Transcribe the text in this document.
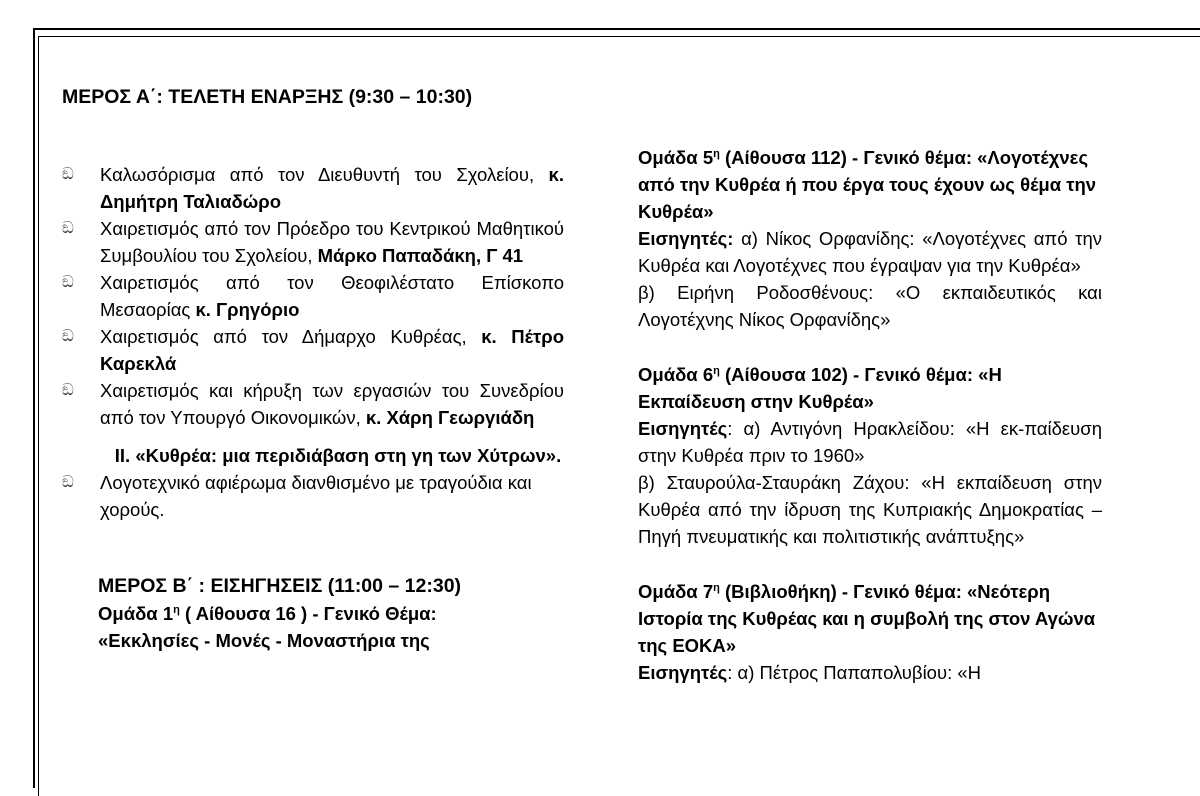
ΜΕΡΟΣ Α΄: ΤΕΛΕΤΗ ΕΝΑΡΞΗΣ (9:30 – 10:30)
ඞ Καλωσόρισμα από τον Διευθυντή του Σχολείου, κ. Δημήτρη Ταλιαδώρο
ඞ Χαιρετισμός από τον Πρόεδρο του Κεντρικού Μαθητικού Συμβουλίου του Σχολείου, Μάρκο Παπαδάκη, Γ 41
ඞ Χαιρετισμός από τον Θεοφιλέστατο Επίσκοπο Μεσαορίας κ. Γρηγόριο
ඞ Χαιρετισμός από τον Δήμαρχο Κυθρέας, κ. Πέτρο Καρεκλά
ඞ Χαιρετισμός και κήρυξη των εργασιών του Συνεδρίου από τον Υπουργό Οικονομικών, κ. Χάρη Γεωργιάδη
ΙΙ. «Κυθρέα: μια περιδιάβαση στη γη των Χύτρων».
ඞ Λογοτεχνικό αφιέρωμα διανθισμένο με τραγούδια και χορούς.
ΜΕΡΟΣ Β΄ : ΕΙΣΗΓΗΣΕΙΣ (11:00 – 12:30)
Ομάδα $1^\eta$ ( Αίθουσα 16 ) - Γενικό Θέμα:
«Εκκλησίες - Μονές - Μοναστήρια της
Ομάδα $5^\eta$ (Αίθουσα 112) - Γενικό θέμα: «Λογοτέχνες από την Κυθρέα ή που έργα τους έχουν ως θέμα την Κυθρέα»
Εισηγητές: α) Νίκος Ορφανίδης: «Λογοτέχνες από την Κυθρέα και Λογοτέχνες που έγραψαν για την Κυθρέα»
β) Ειρήνη Ροδοσθένους: «Ο εκπαιδευτικός και Λογοτέχνης Νίκος Ορφανίδης»
Ομάδα $6^\eta$ (Αίθουσα 102) - Γενικό θέμα: «Η Εκπαίδευση στην Κυθρέα»
Εισηγητές: α) Αντιγόνη Ηρακλείδου: «Η εκ-παίδευση στην Κυθρέα πριν το 1960»
β) Σταυρούλα-Σταυράκη Ζάχου: «Η εκπαίδευση στην Κυθρέα από την ίδρυση της Κυπριακής Δημοκρατίας – Πηγή πνευματικής και πολιτιστικής ανάπτυξης»
Ομάδα $7^\eta$ (Βιβλιοθήκη) - Γενικό θέμα: «Νεότερη Ιστορία της Κυθρέας και η συμβολή της στον Αγώνα της ΕΟΚΑ»
Εισηγητές: α) Πέτρος Παπαπολυβίου: «Η
